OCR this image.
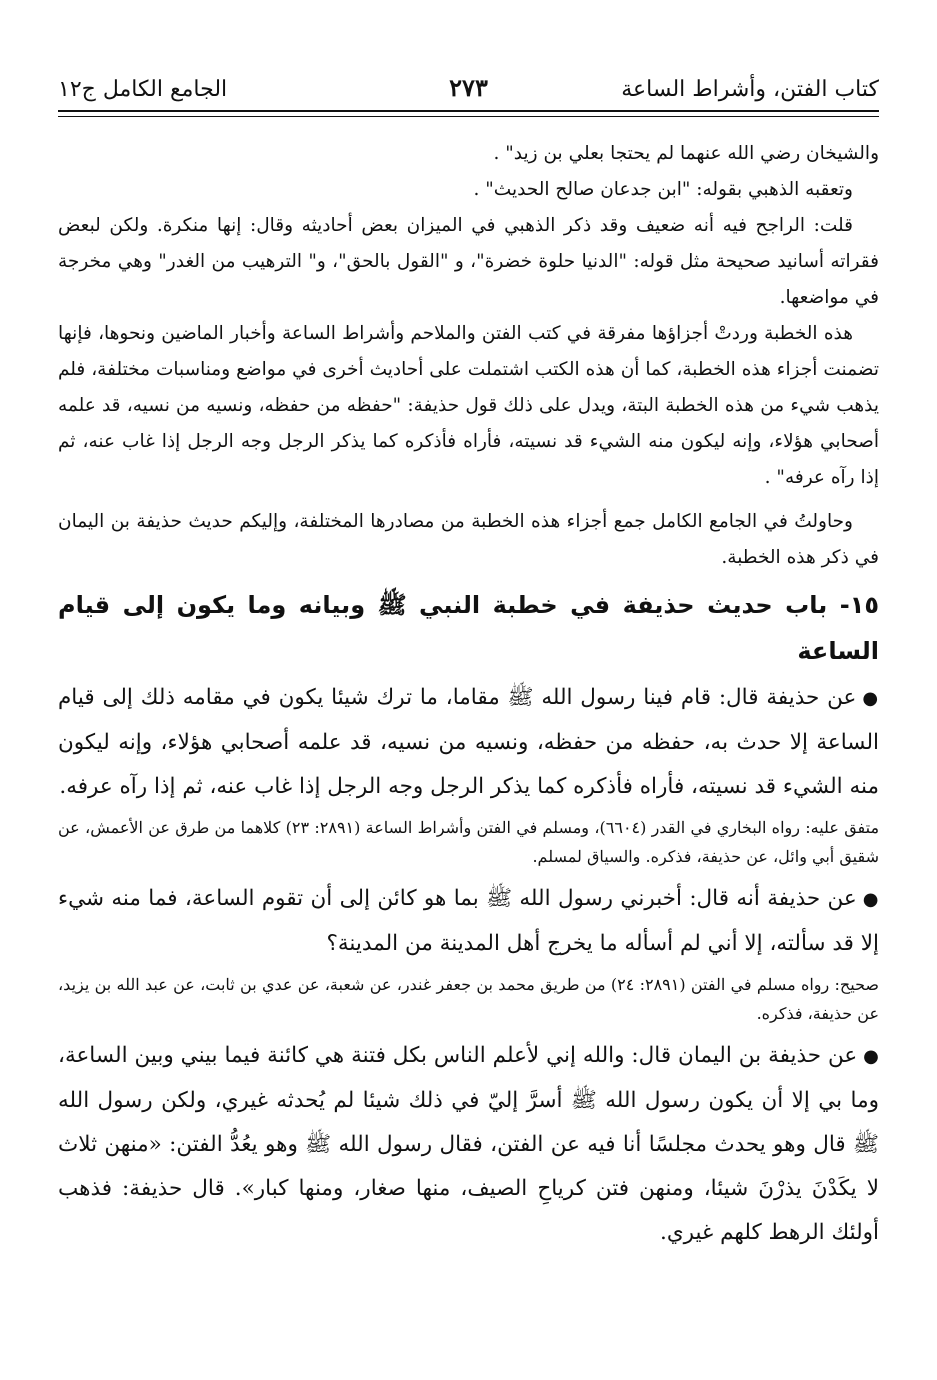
كتاب الفتن، وأشراط الساعة
٢٧٣
الجامع الكامل ج١٢

والشيخان رضي الله عنهما لم يحتجا بعلي بن زيد" .

وتعقبه الذهبي بقوله: "ابن جدعان صالح الحديث" .

قلت: الراجح فيه أنه ضعيف وقد ذكر الذهبي في الميزان بعض أحاديثه وقال: إنها منكرة. ولكن لبعض فقراته أسانيد صحيحة مثل قوله: "الدنيا حلوة خضرة"، و "القول بالحق"، و" الترهيب من الغدر" وهي مخرجة في مواضعها.

هذه الخطبة وردتْ أجزاؤها مفرقة في كتب الفتن والملاحم وأشراط الساعة وأخبار الماضين ونحوها، فإنها تضمنت أجزاء هذه الخطبة، كما أن هذه الكتب اشتملت على أحاديث أخرى في مواضع ومناسبات مختلفة، فلم يذهب شيء من هذه الخطبة البتة، ويدل على ذلك قول حذيفة: "حفظه من حفظه، ونسيه من نسيه، قد علمه أصحابي هؤلاء، وإنه ليكون منه الشيء قد نسيته، فأراه فأذكره كما يذكر الرجل وجه الرجل إذا غاب عنه، ثم إذا رآه عرفه" .

وحاولتُ في الجامع الكامل جمع أجزاء هذه الخطبة من مصادرها المختلفة، وإليكم حديث حذيفة بن اليمان في ذكر هذه الخطبة.

١٥- باب حديث حذيفة في خطبة النبي ﷺ وبيانه وما يكون إلى قيام الساعة

●عن حذيفة قال: قام فينا رسول الله ﷺ مقاما، ما ترك شيئا يكون في مقامه ذلك إلى قيام الساعة إلا حدث به، حفظه من حفظه، ونسيه من نسيه، قد علمه أصحابي هؤلاء، وإنه ليكون منه الشيء قد نسيته، فأراه فأذكره كما يذكر الرجل وجه الرجل إذا غاب عنه، ثم إذا رآه عرفه.

متفق عليه: رواه البخاري في القدر (٦٦٠٤)، ومسلم في الفتن وأشراط الساعة (٢٨٩١: ٢٣) كلاهما من طرق عن الأعمش، عن شقيق أبي وائل، عن حذيفة، فذكره. والسياق لمسلم.

●عن حذيفة أنه قال: أخبرني رسول الله ﷺ بما هو كائن إلى أن تقوم الساعة، فما منه شيء إلا قد سألته، إلا أني لم أسأله ما يخرج أهل المدينة من المدينة؟

صحيح: رواه مسلم في الفتن (٢٨٩١: ٢٤) من طريق محمد بن جعفر غندر، عن شعبة، عن عدي بن ثابت، عن عبد الله بن يزيد، عن حذيفة، فذكره.

●عن حذيفة بن اليمان قال: والله إني لأعلم الناس بكل فتنة هي كائنة فيما بيني وبين الساعة، وما بي إلا أن يكون رسول الله ﷺ أسرَّ إليّ في ذلك شيئا لم يُحدثه غيري، ولكن رسول الله ﷺ قال وهو يحدث مجلسًا أنا فيه عن الفتن، فقال رسول الله ﷺ وهو يعُدُّ الفتن: «منهن ثلاث لا يكَدْنَ يذرْنَ شيئا، ومنهن فتن كرياحِ الصيف، منها صغار، ومنها كبار». قال حذيفة: فذهب أولئك الرهط كلهم غيري.
